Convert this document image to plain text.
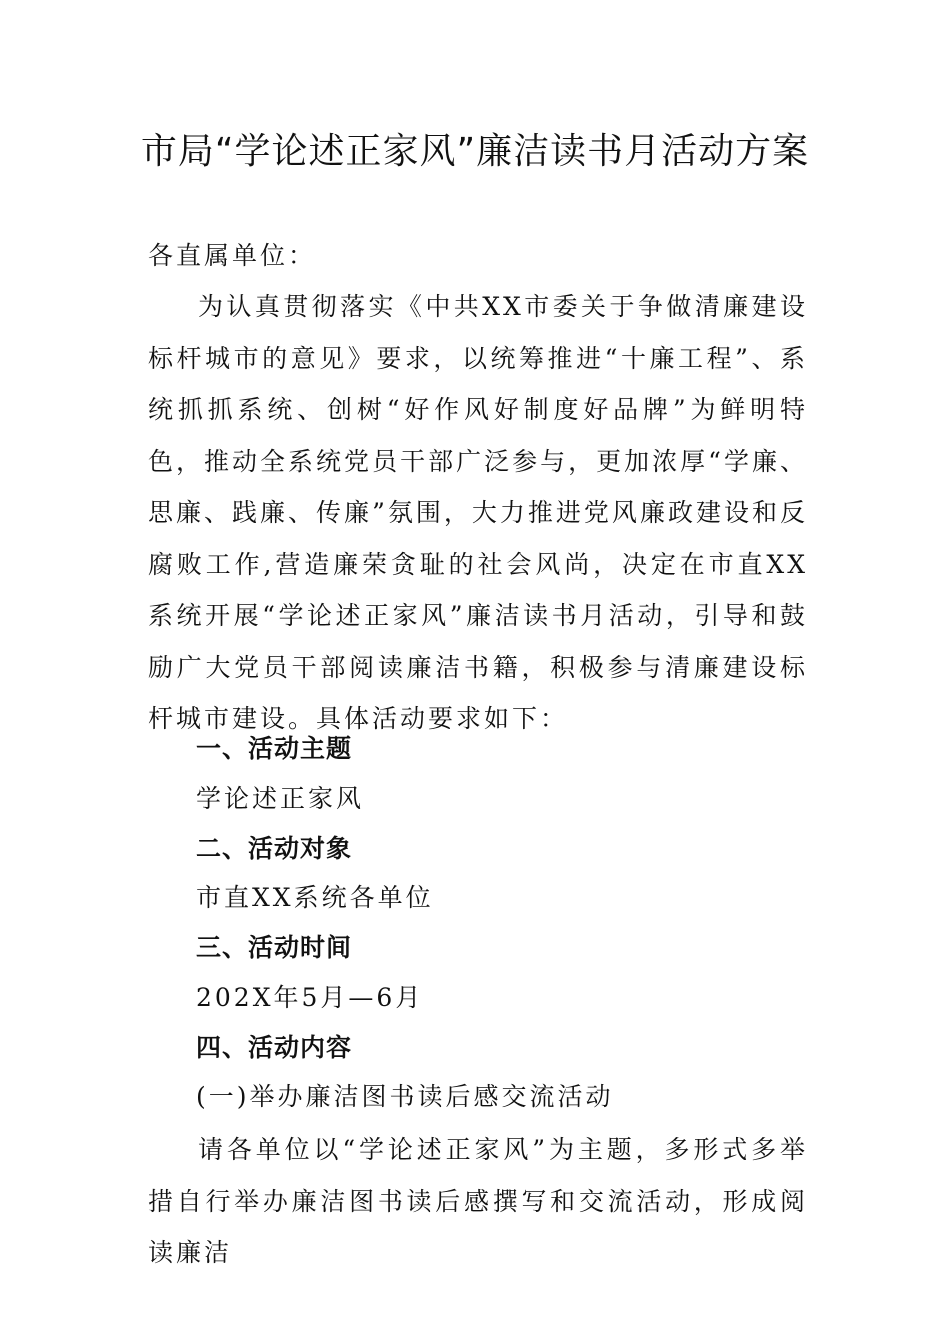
市局“学论述正家风”廉洁读书月活动方案

各直属单位：

为认真贯彻落实《中共XX市委关于争做清廉建设标杆城市的意见》要求，以统筹推进“十廉工程”、系统抓抓系统、创树“好作风好制度好品牌”为鲜明特色，推动全系统党员干部广泛参与，更加浓厚“学廉、思廉、践廉、传廉”氛围，大力推进党风廉政建设和反腐败工作,营造廉荣贪耻的社会风尚，决定在市直XX系统开展“学论述正家风”廉洁读书月活动，引导和鼓励广大党员干部阅读廉洁书籍，积极参与清廉建设标杆城市建设。具体活动要求如下：

一、活动主题

学论述正家风

二、活动对象

市直XX系统各单位

三、活动时间

202X年5月—6月

四、活动内容

(一)举办廉洁图书读后感交流活动

请各单位以“学论述正家风”为主题，多形式多举措自行举办廉洁图书读后感撰写和交流活动，形成阅读廉洁
